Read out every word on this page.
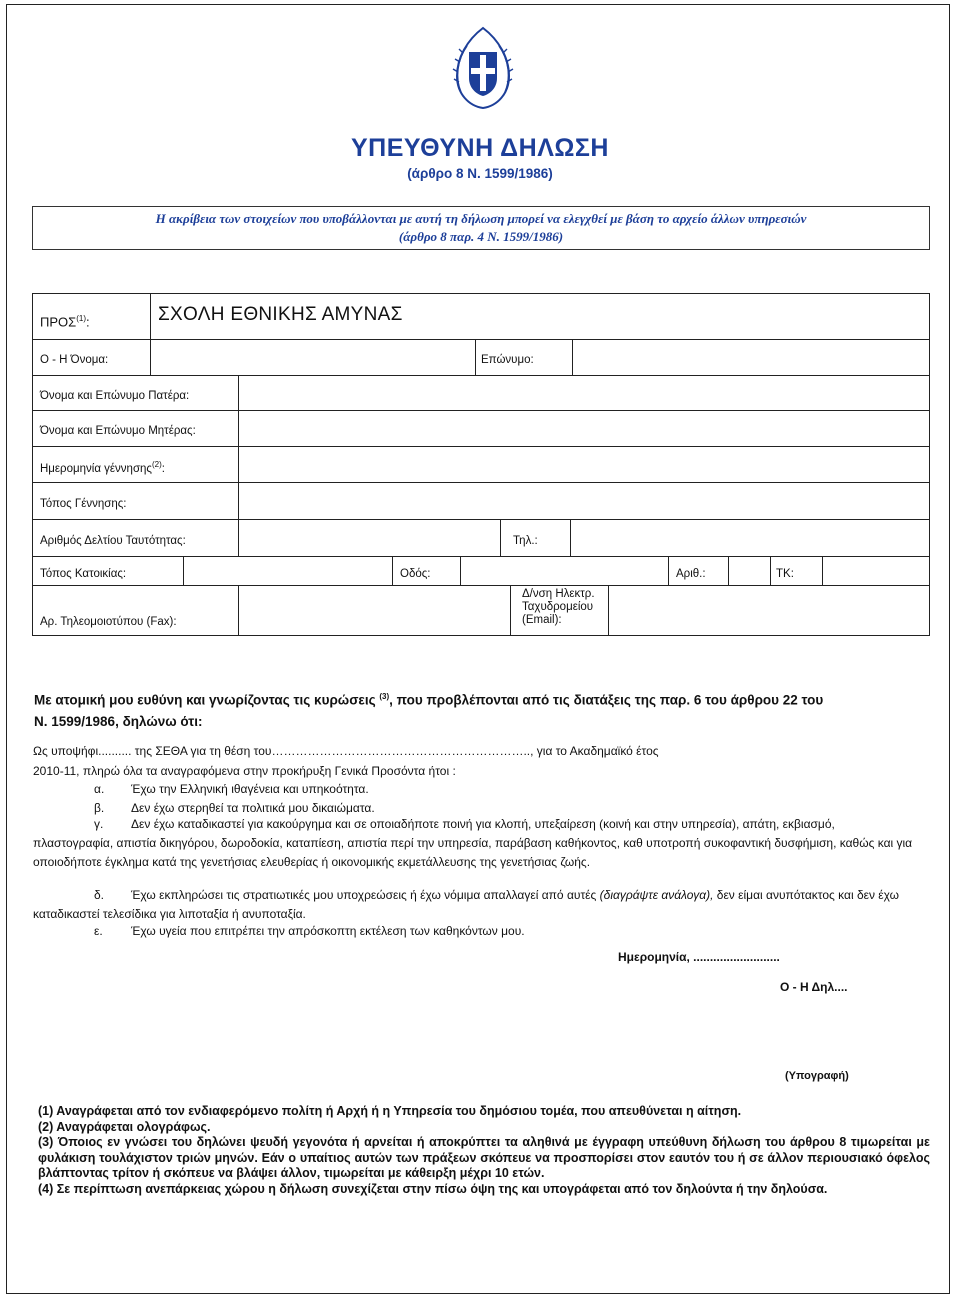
ΥΠΕΥΘΥΝΗ ΔΗΛΩΣΗ
(άρθρο 8 Ν. 1599/1986)
Η ακρίβεια των στοιχείων που υποβάλλονται με αυτή τη δήλωση μπορεί να ελεγχθεί με βάση το αρχείο άλλων υπηρεσιών
(άρθρο 8 παρ. 4 Ν. 1599/1986)
ΠΡΟΣ$^{(1)}$:	ΣΧΟΛΗ ΕΘΝΙΚΗΣ ΑΜΥΝΑΣ
Ο - Η Όνομα:	Επώνυμο:
Όνομα και Επώνυμο Πατέρα:
Όνομα και Επώνυμο Μητέρας:
Ημερομηνία γέννησης$^{(2)}$:
Τόπος Γέννησης:
Αριθμός Δελτίου Ταυτότητας:	Τηλ.:
Τόπος Κατοικίας:	Οδός:	Αριθ.:	ΤΚ:
Αρ. Τηλεομοιοτύπου (Fax):
Δ/νση Ηλεκτρ.
Ταχυδρομείου
(Email):
Με ατομική μου ευθύνη και γνωρίζοντας τις κυρώσεις $^{(3)}$, που προβλέπονται από τις διατάξεις της παρ. 6 του άρθρου 22 του
Ν. 1599/1986, δηλώνω ότι:
Ως υποψήφι.......... της ΣΕΘΑ για τη θέση του……………………………………………………….., για το Ακαδημαϊκό έτος
2010-11, πληρώ όλα τα αναγραφόμενα στην προκήρυξη Γενικά Προσόντα ήτοι :
α. Έχω την Ελληνική ιθαγένεια και υπηκοότητα.
β. Δεν έχω στερηθεί τα πολιτικά μου δικαιώματα.
γ. Δεν έχω καταδικαστεί για κακούργημα και σε οποιαδήποτε ποινή για κλοπή, υπεξαίρεση (κοινή και στην υπηρεσία), απάτη, εκβιασμό, πλαστογραφία, απιστία δικηγόρου, δωροδοκία, καταπίεση, απιστία περί την υπηρεσία, παράβαση καθήκοντος, καθ υποτροπή συκοφαντική δυσφήμιση, καθώς και για οποιοδήποτε έγκλημα κατά της γενετήσιας ελευθερίας ή οικονομικής εκμετάλλευσης της γενετήσιας ζωής.
δ. Έχω εκπληρώσει τις στρατιωτικές μου υποχρεώσεις ή έχω νόμιμα απαλλαγεί από αυτές (διαγράψτε ανάλογα), δεν είμαι ανυπότακτος και δεν έχω καταδικαστεί τελεσίδικα για λιποταξία ή ανυποταξία.
ε. Έχω υγεία που επιτρέπει την απρόσκοπτη εκτέλεση των καθηκόντων μου.
Ημερομηνία, ..........................
Ο - Η Δηλ....
(Υπογραφή)
(1) Αναγράφεται από τον ενδιαφερόμενο πολίτη ή Αρχή ή η Υπηρεσία του δημόσιου τομέα, που απευθύνεται η αίτηση.
(2) Αναγράφεται ολογράφως.
(3) Όποιος εν γνώσει του δηλώνει ψευδή γεγονότα ή αρνείται ή αποκρύπτει τα αληθινά με έγγραφη υπεύθυνη δήλωση του άρθρου 8 τιμωρείται με φυλάκιση τουλάχιστον τριών μηνών. Εάν ο υπαίτιος αυτών των πράξεων σκόπευε να προσπορίσει στον εαυτόν του ή σε άλλον περιουσιακό όφελος βλάπτοντας τρίτον ή σκόπευε να βλάψει άλλον, τιμωρείται με κάθειρξη μέχρι 10 ετών.
(4) Σε περίπτωση ανεπάρκειας χώρου η δήλωση συνεχίζεται στην πίσω όψη της και υπογράφεται από τον δηλούντα ή την δηλούσα.
